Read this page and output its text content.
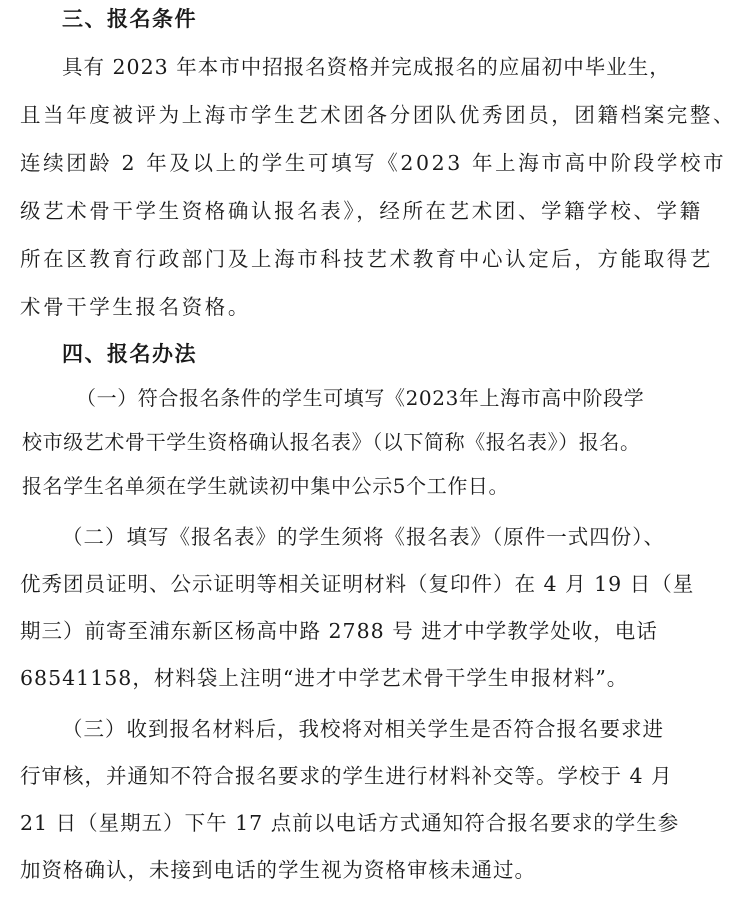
三、报名条件
具有 2023 年本市中招报名资格并完成报名的应届初中毕业生，
且当年度被评为上海市学生艺术团各分团队优秀团员，团籍档案完整、
连续团龄 2 年及以上的学生可填写《2023 年上海市高中阶段学校市
级艺术骨干学生资格确认报名表》，经所在艺术团、学籍学校、学籍
所在区教育行政部门及上海市科技艺术教育中心认定后，方能取得艺
术骨干学生报名资格。
四、报名办法
（一）符合报名条件的学生可填写《2023年上海市高中阶段学
校市级艺术骨干学生资格确认报名表》（以下简称《报名表》）报名。
报名学生名单须在学生就读初中集中公示5个工作日。
（二）填写《报名表》的学生须将《报名表》（原件一式四份）、
优秀团员证明、公示证明等相关证明材料（复印件）在 4 月 19 日（星
期三）前寄至浦东新区杨高中路 2788 号 进才中学教学处收，电话
68541158，材料袋上注明“进才中学艺术骨干学生申报材料”。
（三）收到报名材料后，我校将对相关学生是否符合报名要求进
行审核，并通知不符合报名要求的学生进行材料补交等。学校于 4 月
21 日（星期五）下午 17 点前以电话方式通知符合报名要求的学生参
加资格确认，未接到电话的学生视为资格审核未通过。
